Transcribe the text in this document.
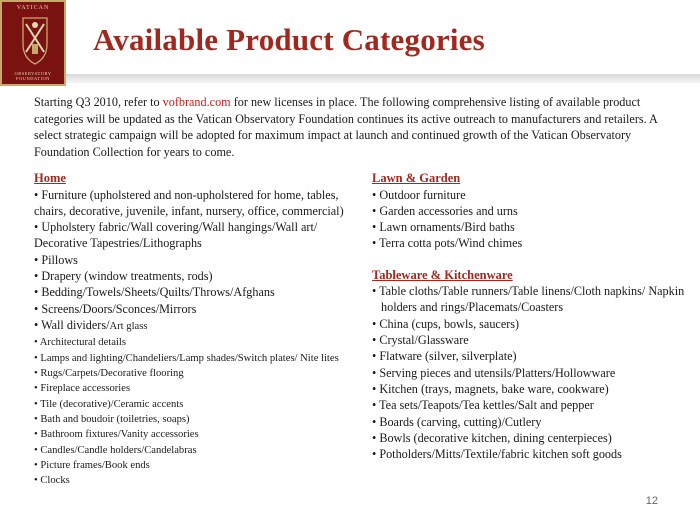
VATICAN
OBSERVATORY
FOUNDATION
Available Product Categories

Starting Q3 2010, refer to vofbrand.com for new licenses in place. The following comprehensive listing of available product categories will be updated as the Vatican Observatory Foundation continues its active outreach to manufacturers and retailers. A select strategic campaign will be adopted for maximum impact at launch and continued growth of the Vatican Observatory Foundation Collection for years to come.

Home
• Furniture (upholstered and non-upholstered for home, tables, chairs, decorative, juvenile, infant, nursery, office, commercial)
• Upholstery fabric/Wall covering/Wall hangings/Wall art/ Decorative Tapestries/Lithographs
• Pillows
• Drapery (window treatments, rods)
• Bedding/Towels/Sheets/Quilts/Throws/Afghans
• Screens/Doors/Sconces/Mirrors
• Wall dividers/Art glass
• Architectural details
• Lamps and lighting/Chandeliers/Lamp shades/Switch plates/ Nite lites
• Rugs/Carpets/Decorative flooring
• Fireplace accessories
• Tile (decorative)/Ceramic accents
• Bath and boudoir (toiletries, soaps)
• Bathroom fixtures/Vanity accessories
• Candles/Candle holders/Candelabras
• Picture frames/Book ends
• Clocks
Lawn & Garden
• Outdoor furniture
• Garden accessories and urns
• Lawn ornaments/Bird baths
• Terra cotta pots/Wind chimes
Tableware & Kitchenware
• Table cloths/Table runners/Table linens/Cloth napkins/ Napkin holders and rings/Placemats/Coasters
• China (cups, bowls, saucers)
• Crystal/Glassware
• Flatware (silver, silverplate)
• Serving pieces and utensils/Platters/Hollowware
• Kitchen (trays, magnets, bake ware, cookware)
• Tea sets/Teapots/Tea kettles/Salt and pepper
• Boards (carving, cutting)/Cutlery
• Bowls (decorative kitchen, dining centerpieces)
• Potholders/Mitts/Textile/fabric kitchen soft goods
12
